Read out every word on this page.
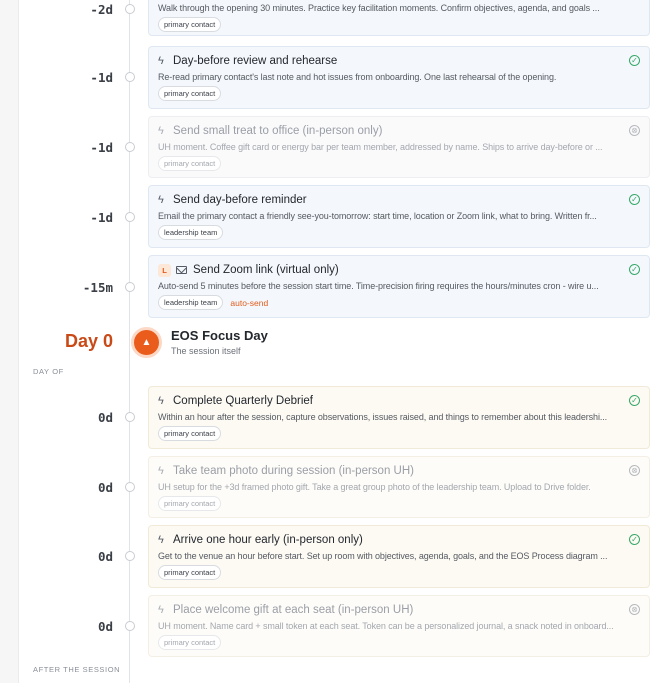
-2d	Walk through the opening 30 minutes. Practice key facilitation moments. Confirm objectives, agenda, and goals ...
primary contact
-1d
ϟ Day-before review and rehearse	✓
Re-read primary contact's last note and hot issues from onboarding. One last rehearsal of the opening.
primary contact
-1d
ϟ Send small treat to office (in-person only)	⊗
UH moment. Coffee gift card or energy bar per team member, addressed by name. Ships to arrive day-before or ...
primary contact
-1d
ϟ Send day-before reminder	✓
Email the primary contact a friendly see-you-tomorrow: start time, location or Zoom link, what to bring. Written fr...
leadership team
-15m
L	Send Zoom link (virtual only)	✓
Auto-send 5 minutes before the session start time. Time-precision firing requires the hours/minutes cron - wire u...
leadership team	auto-send
Day 0	▲	EOS Focus Day
The session itself
DAY OF
0d
ϟ Complete Quarterly Debrief	✓
Within an hour after the session, capture observations, issues raised, and things to remember about this leadershi...
primary contact
0d
ϟ Take team photo during session (in-person UH)	⊗
UH setup for the +3d framed photo gift. Take a great group photo of the leadership team. Upload to Drive folder.
primary contact
0d
ϟ Arrive one hour early (in-person only)	✓
Get to the venue an hour before start. Set up room with objectives, agenda, goals, and the EOS Process diagram ...
primary contact
0d
ϟ Place welcome gift at each seat (in-person UH)	⊗
UH moment. Name card + small token at each seat. Token can be a personalized journal, a snack noted in onboard...
primary contact
AFTER THE SESSION
